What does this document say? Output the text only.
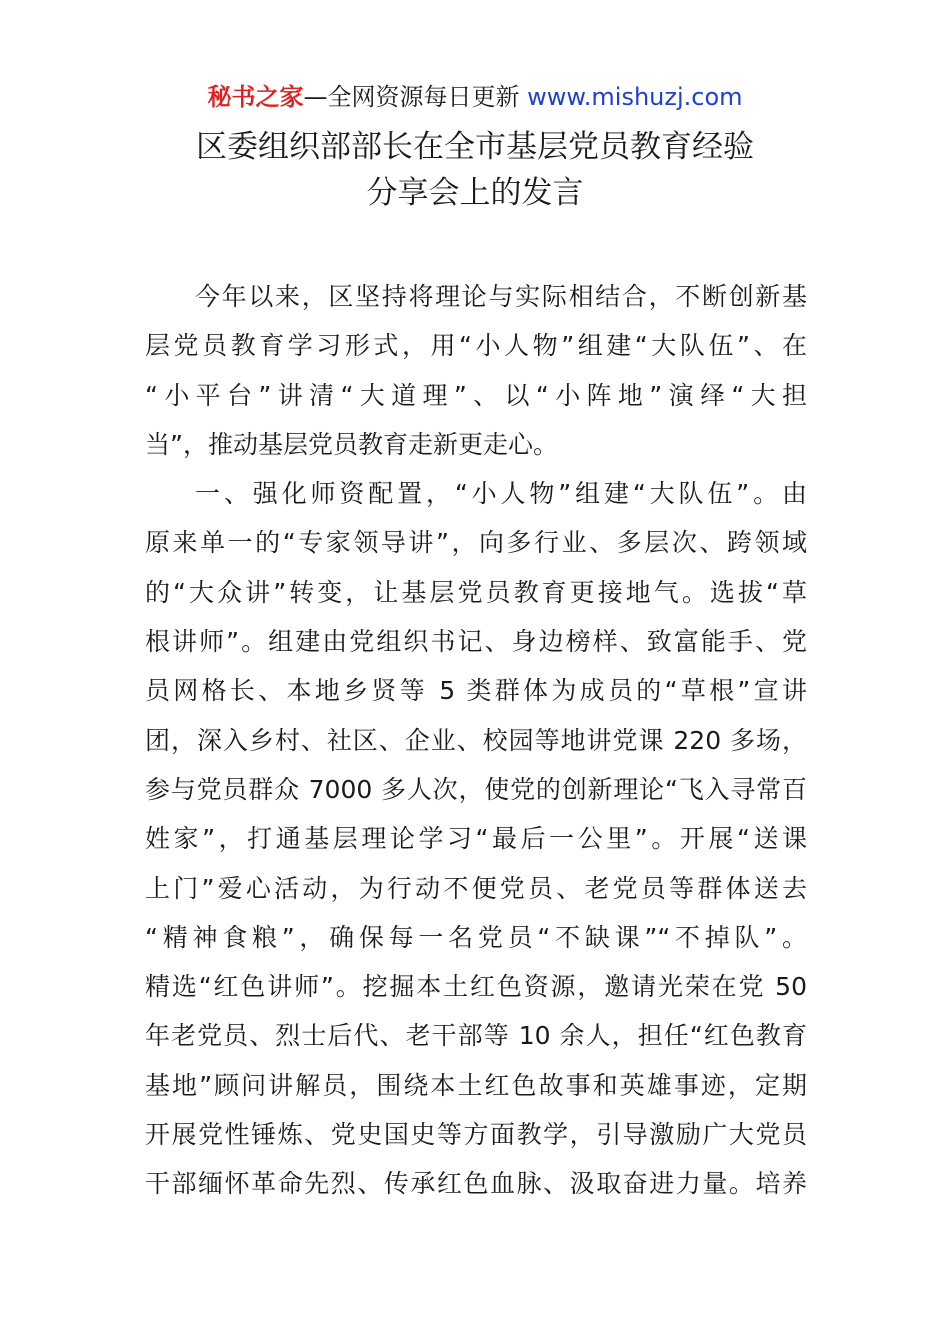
秘书之家—全网资源每日更新 www.mishuzj.com
区委组织部部长在全市基层党员教育经验
分享会上的发言

今年以来，区坚持将理论与实际相结合，不断创新基
层党员教育学习形式，用“小人物”组建“大队伍”、在
“小平台”讲清“大道理”、以“小阵地”演绎“大担
当”，推动基层党员教育走新更走心。

一、强化师资配置，“小人物”组建“大队伍”。由
原来单一的“专家领导讲”，向多行业、多层次、跨领域
的“大众讲”转变，让基层党员教育更接地气。选拔“草
根讲师”。组建由党组织书记、身边榜样、致富能手、党
员网格长、本地乡贤等 5 类群体为成员的“草根”宣讲
团，深入乡村、社区、企业、校园等地讲党课 220 多场，
参与党员群众 7000 多人次，使党的创新理论“飞入寻常百
姓家”，打通基层理论学习“最后一公里”。开展“送课
上门”爱心活动，为行动不便党员、老党员等群体送去
“精神食粮”，确保每一名党员“不缺课”“不掉队”。
精选“红色讲师”。挖掘本土红色资源，邀请光荣在党 50
年老党员、烈士后代、老干部等 10 余人，担任“红色教育
基地”顾问讲解员，围绕本土红色故事和英雄事迹，定期
开展党性锤炼、党史国史等方面教学，引导激励广大党员
干部缅怀革命先烈、传承红色血脉、汲取奋进力量。培养
